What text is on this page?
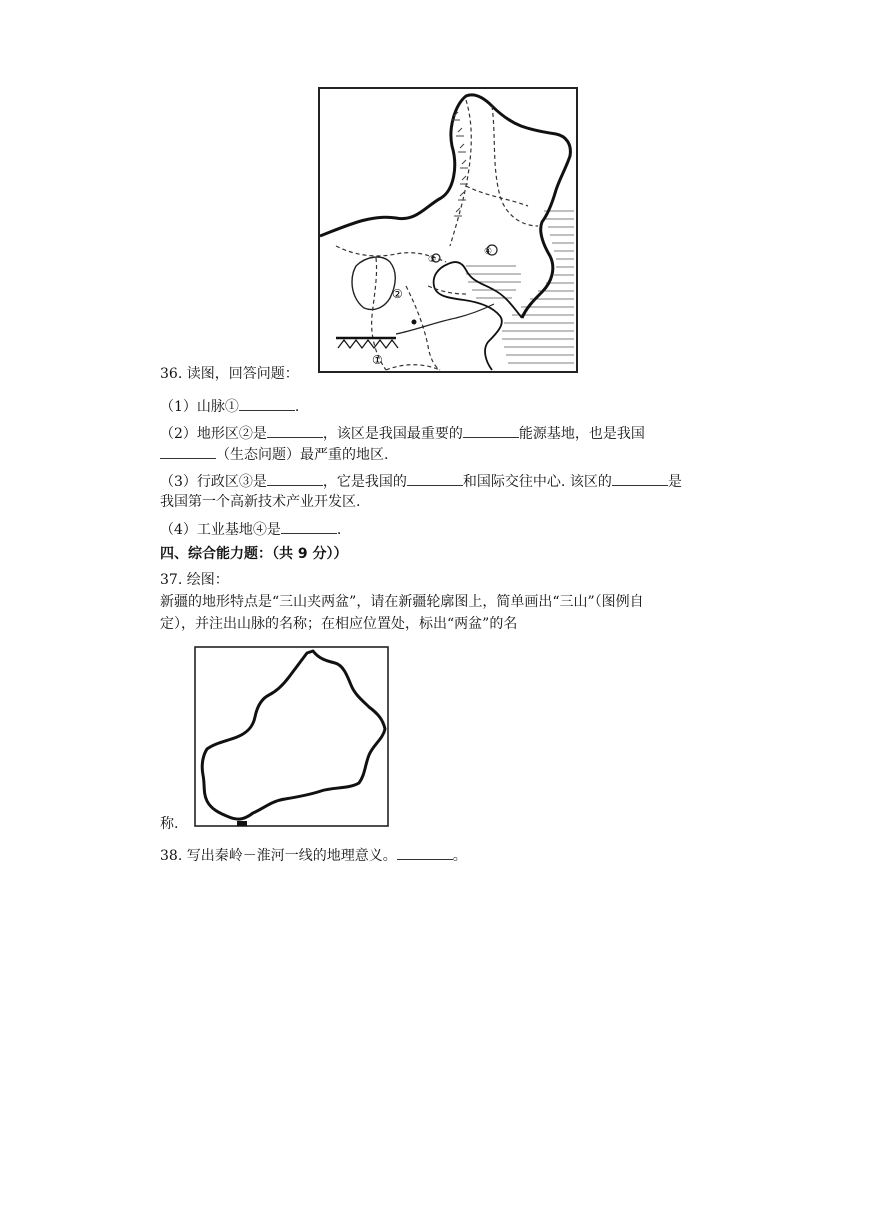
②
①
③
④
36. 读图，回答问题：
（1）山脉①	.
（2）地形区②是	，该区是我国最重要的	能源基地，也是我国
（生态问题）最严重的地区.
（3）行政区③是	，它是我国的	和国际交往中心. 该区的	是
我国第一个高新技术产业开发区.
（4）工业基地④是	.
四、综合能力题：（共 9 分））
37. 绘图：
新疆的地形特点是“三山夹两盆”，请在新疆轮廓图上，简单画出“三山”（图例自
定），并注出山脉的名称；在相应位置处，标出“两盆”的名
称.
38. 写出秦岭－淮河一线的地理意义。	。
